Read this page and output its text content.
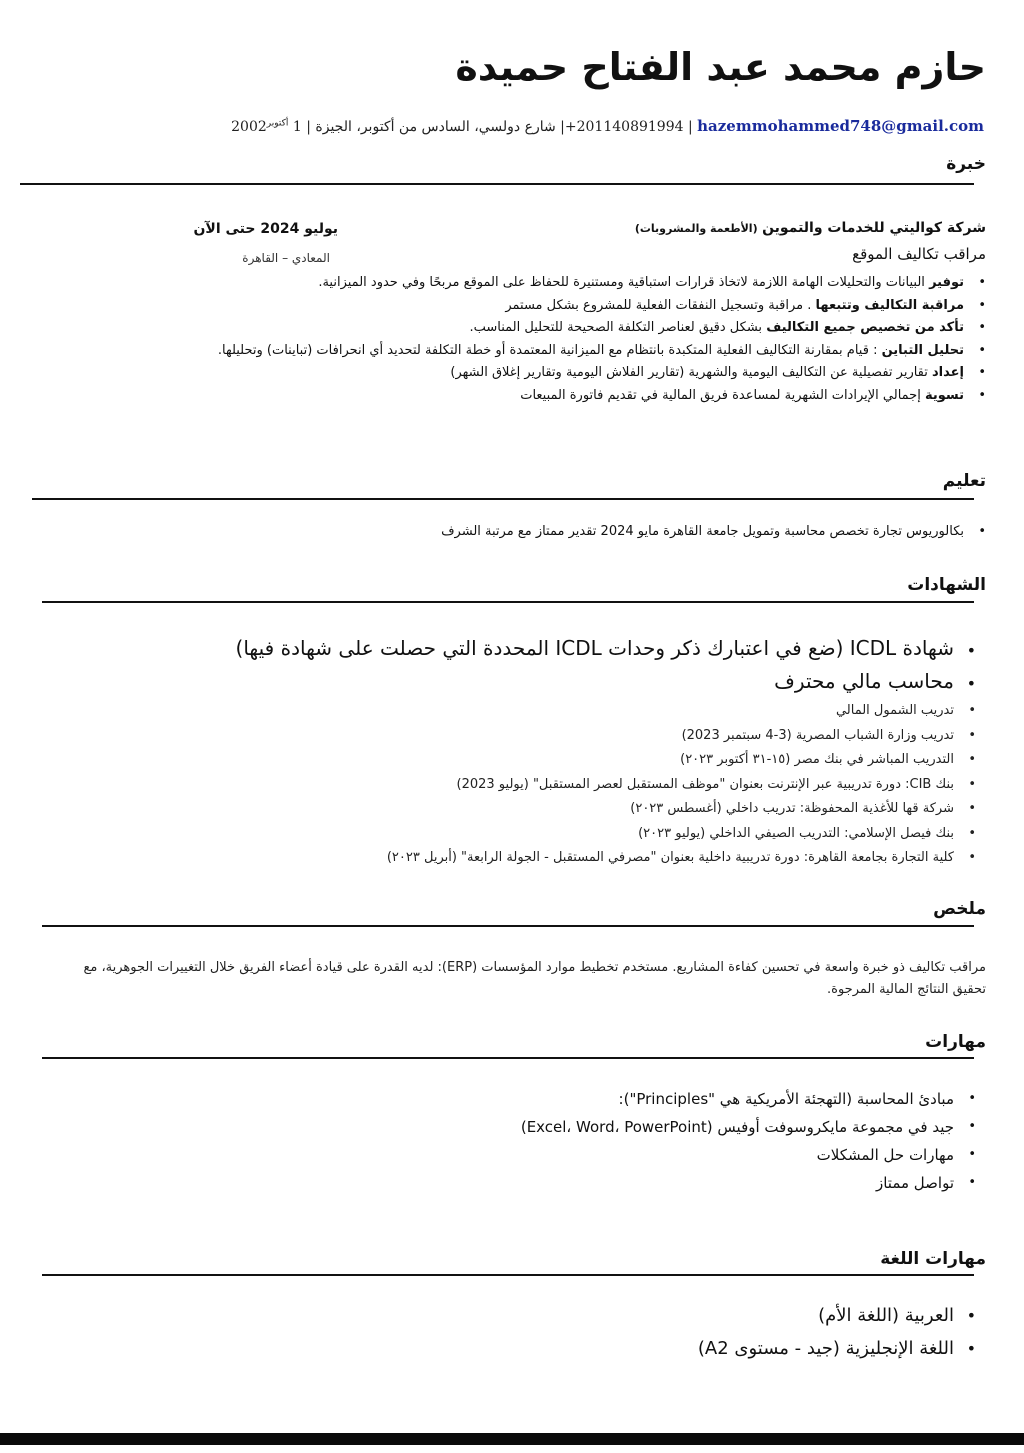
حازم محمد عبد الفتاح حميدة
hazemmohammed748@gmail.com | +201140891994| شارع دولسي، السادس من أكتوبر، الجيزة | 1 $^{أكتوبر}$2002
خبرة
شركة كواليتي للخدمات والتموين (الأطعمة والمشروبات)
يوليو 2024 حتى الآن
مراقب تكاليف الموقع
المعادي – القاهرة
• توفير البيانات والتحليلات الهامة اللازمة لاتخاذ قرارات استباقية ومستنيرة للحفاظ على الموقع مربحًا وفي حدود الميزانية.
• مراقبة التكاليف وتتبعها . مراقبة وتسجيل النفقات الفعلية للمشروع بشكل مستمر
• تأكد من تخصيص جميع التكاليف بشكل دقيق لعناصر التكلفة الصحيحة للتحليل المناسب.
• تحليل التباين : قيام بمقارنة التكاليف الفعلية المتكبدة بانتظام مع الميزانية المعتمدة أو خطة التكلفة لتحديد أي انحرافات (تباينات) وتحليلها.
• إعداد تقارير تفصيلية عن التكاليف اليومية والشهرية (تقارير الفلاش اليومية وتقارير إغلاق الشهر)
• تسوية إجمالي الإيرادات الشهرية لمساعدة فريق المالية في تقديم فاتورة المبيعات
تعليم
• بكالوريوس تجارة تخصص محاسبة وتمويل جامعة القاهرة مايو 2024 تقدير ممتاز مع مرتبة الشرف
الشهادات
• شهادة ICDL (ضع في اعتبارك ذكر وحدات ICDL المحددة التي حصلت على شهادة فيها)
• محاسب مالي محترف
• تدريب الشمول المالي
• تدريب وزارة الشباب المصرية (3-4 سبتمبر 2023)
• التدريب المباشر في بنك مصر (١٥-٣١ أكتوبر ٢٠٢٣)
• بنك CIB: دورة تدريبية عبر الإنترنت بعنوان "موظف المستقبل لعصر المستقبل" (يوليو 2023)
• شركة قها للأغذية المحفوظة: تدريب داخلي (أغسطس ٢٠٢٣)
• بنك فيصل الإسلامي: التدريب الصيفي الداخلي (يوليو ٢٠٢٣)
• كلية التجارة بجامعة القاهرة: دورة تدريبية داخلية بعنوان "مصرفي المستقبل - الجولة الرابعة" (أبريل ٢٠٢٣)
ملخص
مراقب تكاليف ذو خبرة واسعة في تحسين كفاءة المشاريع. مستخدم تخطيط موارد المؤسسات (ERP): لديه القدرة على قيادة أعضاء الفريق خلال التغييرات الجوهرية، مع تحقيق النتائج المالية المرجوة.
مهارات
• مبادئ المحاسبة (التهجئة الأمريكية هي "Principles"):
• جيد في مجموعة مايكروسوفت أوفيس (Excel، Word، PowerPoint)
• مهارات حل المشكلات
• تواصل ممتاز
مهارات اللغة
• العربية (اللغة الأم)
• اللغة الإنجليزية (جيد - مستوى A2)
